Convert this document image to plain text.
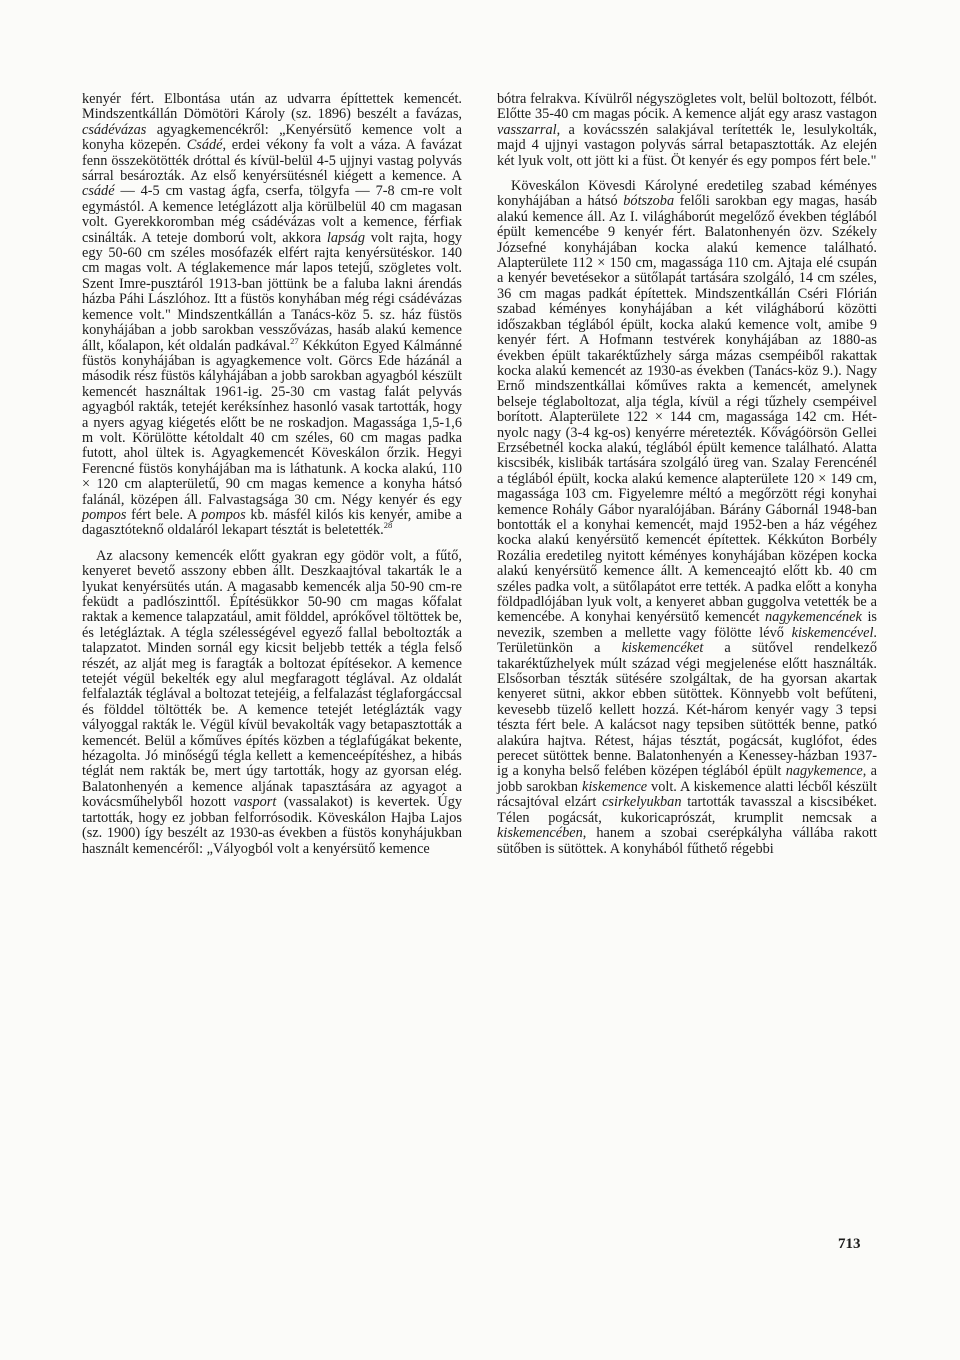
kenyér fért. Elbontása után az udvarra építtettek kemencét. Mindszentkállán Dömötöri Károly (sz. 1896) beszélt a favázas, csádévázas agyagkemencékről: „Kenyérsütő kemence volt a konyha közepén. Csádé, erdei vékony fa volt a váza. A favázat fenn összekötötték dróttal és kívül-belül 4-5 ujjnyi vastag polyvás sárral besározták. Az első kenyérsütésnél kiégett a kemence. A csádé — 4-5 cm vastag ágfa, cserfa, tölgyfa — 7-8 cm-re volt egymástól. A kemence letéglázott alja körülbelül 40 cm magasan volt. Gyerekkoromban még csádévázas volt a kemence, férfiak csinálták. A teteje domború volt, akkora lapság volt rajta, hogy egy 50-60 cm széles mosófazék elfért rajta kenyérsütéskor. 140 cm magas volt. A téglakemence már lapos tetejű, szögletes volt. Szent Imre-pusztáról 1913-ban jöttünk be a faluba lakni árendás házba Páhi Lászlóhoz. Itt a füstös konyhában még régi csádévázas kemence volt." Mindszentkállán a Tanács-köz 5. sz. ház füstös konyhájában a jobb sarokban vesszővázas, hasáb alakú kemence állt, kőalapon, két oldalán padkával.$^{27}$ Kékkúton Egyed Kálmánné füstös konyhájában is agyagkemence volt. Görcs Ede házánál a második rész füstös kályhájában a jobb sarokban agyagból készült kemencét használtak 1961-ig. 25-30 cm vastag falát pelyvás agyagból rakták, tetejét keréksínhez hasonló vasak tartották, hogy a nyers agyag kiégetés előtt be ne roskadjon. Magassága 1,5-1,6 m volt. Körülötte kétoldalt 40 cm széles, 60 cm magas padka futott, ahol ültek is. Agyagkemencét Köveskálon őrzik. Hegyi Ferencné füstös konyhájában ma is láthatunk. A kocka alakú, 110 × 120 cm alapterületű, 90 cm magas kemence a konyha hátsó falánál, középen áll. Falvastagsága 30 cm. Négy kenyér és egy pompos fért bele. A pompos kb. másfél kilós kis kenyér, amibe a dagasztóteknő oldaláról lekapart tésztát is beletették.$^{28}$

Az alacsony kemencék előtt gyakran egy gödör volt, a fűtő, kenyeret bevető asszony ebben állt. Deszkaajtóval takarták le a lyukat kenyérsütés után. A magasabb kemencék alja 50-90 cm-re feküdt a padlószinttől. Építésükkor 50-90 cm magas kőfalat raktak a kemence talapzatául, amit földdel, aprókővel töltöttek be, és letégláztak. A tégla szélességével egyező fallal beboltozták a talapzatot. Minden sornál egy kicsit beljebb tették a tégla felső részét, az alját meg is faragták a boltozat építésekor. A kemence tetejét végül bekelték egy alul megfaragott téglával. Az oldalát felfalazták téglával a boltozat tetejéig, a felfalazást téglaforgáccsal és földdel töltötték be. A kemence tetejét letéglázták vagy vályoggal rakták le. Végül kívül bevakolták vagy betapasztották a kemencét. Belül a kőműves építés közben a téglafúgákat bekente, hézagolta. Jó minőségű tégla kellett a kemenceépítéshez, a hibás téglát nem rakták be, mert úgy tartották, hogy az gyorsan elég. Balatonhenyén a kemence aljának tapasztására az agyagot a kovácsműhelyből hozott vasport (vassalakot) is kevertek. Úgy tartották, hogy ez jobban felforrósodik. Köveskálon Hajba Lajos (sz. 1900) így beszélt az 1930-as években a füstös konyhájukban használt kemencéről: „Vályogból volt a kenyérsütő kemence

bótra felrakva. Kívülről négyszögletes volt, belül boltozott, félbót. Előtte 35-40 cm magas pócik. A kemence alját egy arasz vastagon vasszarral, a kovácsszén salakjával terítették le, lesulykolták, majd 4 ujjnyi vastagon polyvás sárral betapasztották. Az elején két lyuk volt, ott jött ki a füst. Öt kenyér és egy pompos fért bele."

Köveskálon Kövesdi Károlyné eredetileg szabad kéményes konyhájában a hátsó bótszoba felőli sarokban egy magas, hasáb alakú kemence áll. Az I. világháborút megelőző években téglából épült kemencébe 9 kenyér fért. Balatonhenyén özv. Székely Józsefné konyhájában kocka alakú kemence található. Alapterülete 112 × 150 cm, magassága 110 cm. Ajtaja elé csupán a kenyér bevetésekor a sütőlapát tartására szolgáló, 14 cm széles, 36 cm magas padkát építettek. Mindszentkállán Cséri Flórián szabad kéményes konyhájában a két világháború közötti időszakban téglából épült, kocka alakú kemence volt, amibe 9 kenyér fért. A Hofmann testvérek konyhájában az 1880-as években épült takaréktűzhely sárga mázas csempéiből rakattak kocka alakú kemencét az 1930-as években (Tanács-köz 9.). Nagy Ernő mindszentkállai kőműves rakta a kemencét, amelynek belseje téglaboltozat, alja tégla, kívül a régi tűzhely csempéivel borított. Alapterülete 122 × 144 cm, magassága 142 cm. Hét-nyolc nagy (3-4 kg-os) kenyérre méretezték. Kővágóörsön Gellei Erzsébetnél kocka alakú, téglából épült kemence található. Alatta kiscsibék, kislibák tartására szolgáló üreg van. Szalay Ferencénél a téglából épült, kocka alakú kemence alapterülete 120 × 149 cm, magassága 103 cm. Figyelemre méltó a megőrzött régi konyhai kemence Rohály Gábor nyaralójában. Bárány Gábornál 1948-ban bontották el a konyhai kemencét, majd 1952-ben a ház végéhez kocka alakú kenyérsütő kemencét építettek. Kékkúton Borbély Rozália eredetileg nyitott kéményes konyhájában középen kocka alakú kenyérsütő kemence állt. A kemenceajtó előtt kb. 40 cm széles padka volt, a sütőlapátot erre tették. A padka előtt a konyha földpadlójában lyuk volt, a kenyeret abban guggolva vetették be a kemencébe. A konyhai kenyérsütő kemencét nagykemencének is nevezik, szemben a mellette vagy fölötte lévő kiskemencével. Területünkön a kiskemencéket a sütővel rendelkező takaréktűzhelyek múlt század végi megjelenése előtt használták. Elsősorban tészták sütésére szolgáltak, de ha gyorsan akartak kenyeret sütni, akkor ebben sütöttek. Könnyebb volt befűteni, kevesebb tüzelő kellett hozzá. Két-három kenyér vagy 3 tepsi tészta fért bele. A kalácsot nagy tepsiben sütötték benne, patkó alakúra hajtva. Rétest, hájas tésztát, pogácsát, kuglófot, édes perecet sütöttek benne. Balatonhenyén a Kenessey-házban 1937-ig a konyha belső felében középen téglából épült nagykemence, a jobb sarokban kiskemence volt. A kiskemence alatti lécből készült rácsajtóval elzárt csirkelyukban tartották tavasszal a kiscsibéket. Télen pogácsát, kukoricaprószát, krumplit nemcsak a kiskemencében, hanem a szobai cserépkályha vállába rakott sütőben is sütöttek. A konyhából fűthető régebbi

713
